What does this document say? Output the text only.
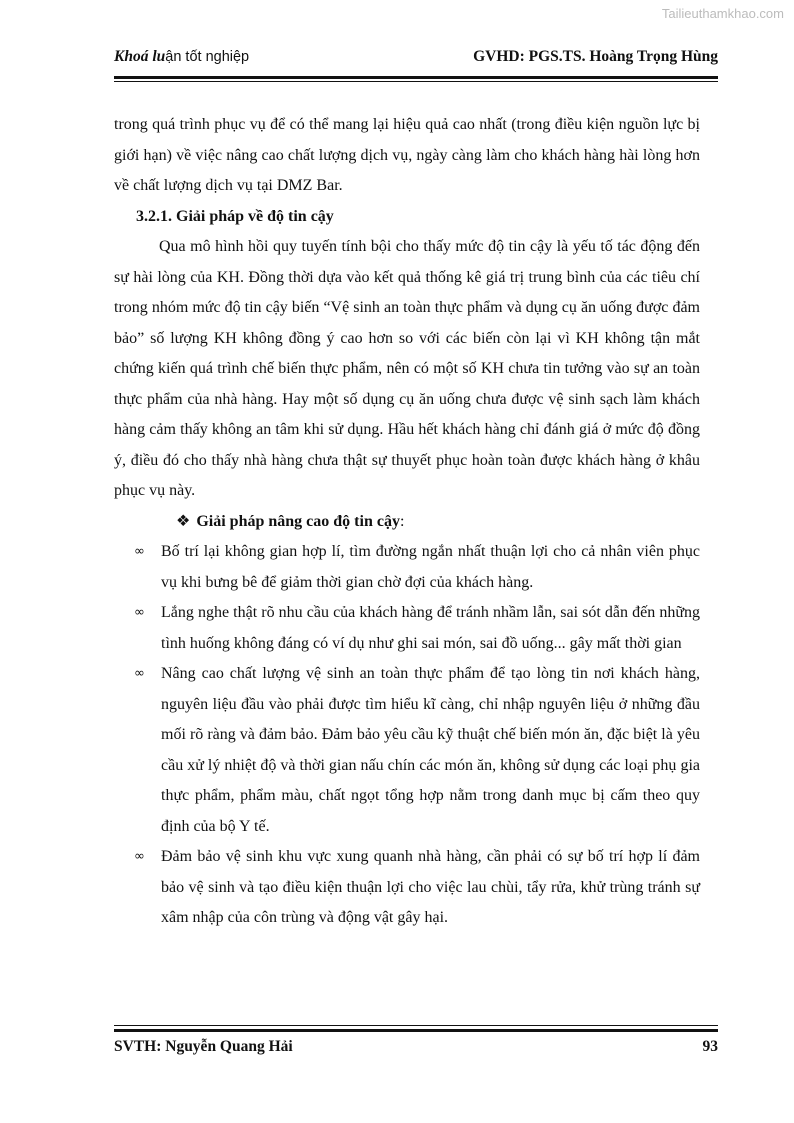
Tailieuthamkhao.com
Khoá luận tốt nghiệp	GVHD: PGS.TS. Hoàng Trọng Hùng

trong quá trình phục vụ để có thể mang lại hiệu quả cao nhất (trong điều kiện nguồn lực bị giới hạn) về việc nâng cao chất lượng dịch vụ, ngày càng làm cho khách hàng hài lòng hơn về chất lượng dịch vụ tại DMZ Bar.

3.2.1. Giải pháp về độ tin cậy

Qua mô hình hồi quy tuyến tính bội cho thấy mức độ tin cậy là yếu tố tác động đến sự hài lòng của KH. Đồng thời dựa vào kết quả thống kê giá trị trung bình của các tiêu chí trong nhóm mức độ tin cậy biến “Vệ sinh an toàn thực phẩm và dụng cụ ăn uống được đảm bảo” số lượng KH không đồng ý cao hơn so với các biến còn lại vì KH không tận mắt chứng kiến quá trình chế biến thực phẩm, nên có một số KH chưa tin tưởng vào sự an toàn thực phẩm của nhà hàng. Hay một số dụng cụ ăn uống chưa được vệ sinh sạch làm khách hàng cảm thấy không an tâm khi sử dụng. Hầu hết khách hàng chỉ đánh giá ở mức độ đồng ý, điều đó cho thấy nhà hàng chưa thật sự thuyết phục hoàn toàn được khách hàng ở khâu phục vụ này.

❖ Giải pháp nâng cao độ tin cậy:

∞ Bố trí lại không gian hợp lí, tìm đường ngắn nhất thuận lợi cho cả nhân viên phục vụ khi bưng bê để giảm thời gian chờ đợi của khách hàng.
∞ Lắng nghe thật rõ nhu cầu của khách hàng để tránh nhầm lẫn, sai sót dẫn đến những tình huống không đáng có ví dụ như ghi sai món, sai đồ uống... gây mất thời gian
∞ Nâng cao chất lượng vệ sinh an toàn thực phẩm để tạo lòng tin nơi khách hàng, nguyên liệu đầu vào phải được tìm hiểu kĩ càng, chỉ nhập nguyên liệu ở những đầu mối rõ ràng và đảm bảo. Đảm bảo yêu cầu kỹ thuật chế biến món ăn, đặc biệt là yêu cầu xử lý nhiệt độ và thời gian nấu chín các món ăn, không sử dụng các loại phụ gia thực phẩm, phẩm màu, chất ngọt tổng hợp nằm trong danh mục bị cấm theo quy định của bộ Y tế.
∞ Đảm bảo vệ sinh khu vực xung quanh nhà hàng, cần phải có sự bố trí hợp lí đảm bảo vệ sinh và tạo điều kiện thuận lợi cho việc lau chùi, tẩy rửa, khử trùng tránh sự xâm nhập của côn trùng và động vật gây hại.
SVTH: Nguyễn Quang Hải	93
